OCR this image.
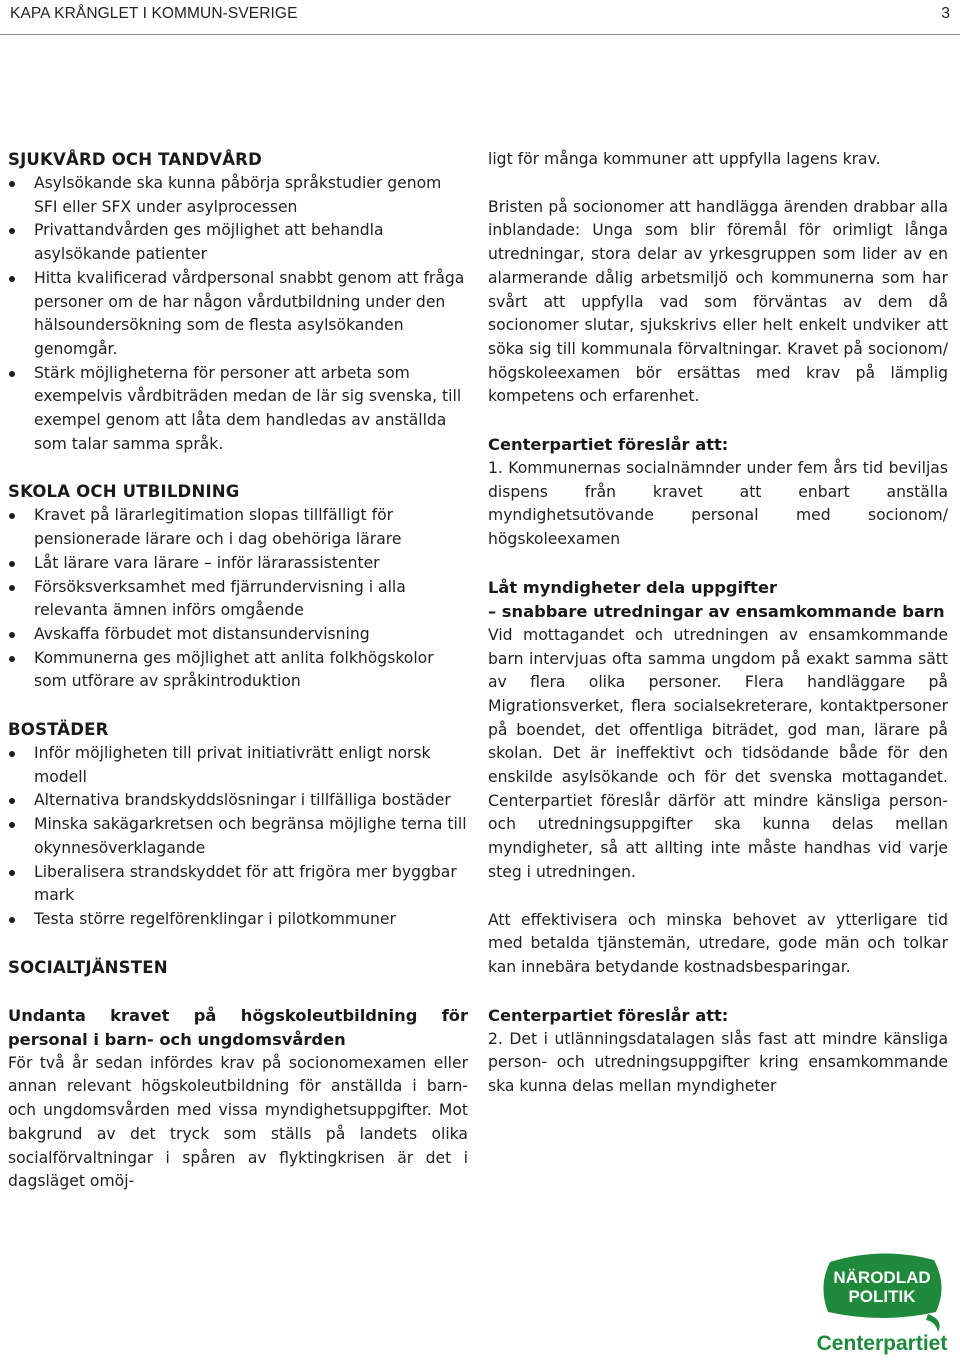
KAPA KRÅNGLET I KOMMUN-SVERIGE	3
SJUKVÅRD OCH TANDVÅRD
Asylsökande ska kunna påbörja språkstudier genom SFI eller SFX under asylprocessen
Privattandvården ges möjlighet att behandla asylsökande patienter
Hitta kvalificerad vårdpersonal snabbt genom att fråga personer om de har någon vårdutbildning under den hälsoundersökning som de flesta asylsökanden genomgår.
Stärk möjligheterna för personer att arbeta som exempelvis vårdbiträden medan de lär sig svenska, till exempel genom att låta dem handledas av anställda som talar samma språk.
SKOLA OCH UTBILDNING
Kravet på lärarlegitimation slopas tillfälligt för pensionerade lärare och i dag obehöriga lärare
Låt lärare vara lärare – inför lärarassistenter
Försöksverksamhet med fjärrundervisning i alla relevanta ämnen införs omgående
Avskaffa förbudet mot distansundervisning
Kommunerna ges möjlighet att anlita folkhögskolor som utförare av språkintroduktion
BOSTÄDER
Inför möjligheten till privat initiativrätt enligt norsk modell
Alternativa brandskyddslösningar i tillfälliga bostäder
Minska sakägarkretsen och begränsa möjlighe terna till okynnesöverklagande
Liberalisera strandskyddet för att frigöra mer byggbar mark
Testa större regelförenklingar i pilotkommuner
SOCIALTJÄNSTEN
Undanta kravet på högskoleutbildning för personal i barn- och ungdomsvården

För två år sedan infördes krav på socionomexamen eller annan relevant högskoleutbildning för anställda i barn- och ungdomsvården med vissa myndighetsuppgifter. Mot bakgrund av det tryck som ställs på landets olika socialförvaltningar i spåren av flyktingkrisen är det i dagsläget omöj-

ligt för många kommuner att uppfylla lagens krav.

Bristen på socionomer att handlägga ärenden drabbar alla inblandade: Unga som blir föremål för orimligt långa utredningar, stora delar av yrkesgruppen som lider av en alarmerande dålig arbetsmiljö och kommunerna som har svårt att uppfylla vad som förväntas av dem då socionomer slutar, sjukskrivs eller helt enkelt undviker att söka sig till kommunala förvaltningar. Kravet på socionom/ högskoleexamen bör ersättas med krav på lämplig kompetens och erfarenhet.

Centerpartiet föreslår att:

1. Kommunernas socialnämnder under fem års tid beviljas dispens från kravet att enbart anställa myndighetsutövande personal med socionom/ högskoleexamen

Låt myndigheter dela uppgifter
– snabbare utredningar av ensamkommande barn

Vid mottagandet och utredningen av ensamkommande barn intervjuas ofta samma ungdom på exakt samma sätt av flera olika personer. Flera handläggare på Migrationsverket, flera socialsekreterare, kontaktpersoner på boendet, det offentliga biträdet, god man, lärare på skolan. Det är ineffektivt och tidsödande både för den enskilde asylsökande och för det svenska mottagandet. Centerpartiet föreslår därför att mindre känsliga person- och utredningsuppgifter ska kunna delas mellan myndigheter, så att allting inte måste handhas vid varje steg i utredningen.

Att effektivisera och minska behovet av ytterligare tid med betalda tjänstemän, utredare, gode män och tolkar kan innebära betydande kostnadsbesparingar.

Centerpartiet föreslår att:

2. Det i utlänningsdatalagen slås fast att mindre känsliga person- och utredningsuppgifter kring ensamkommande ska kunna delas mellan myndigheter

NÄRODLAD
POLITIK
Centerpartiet
